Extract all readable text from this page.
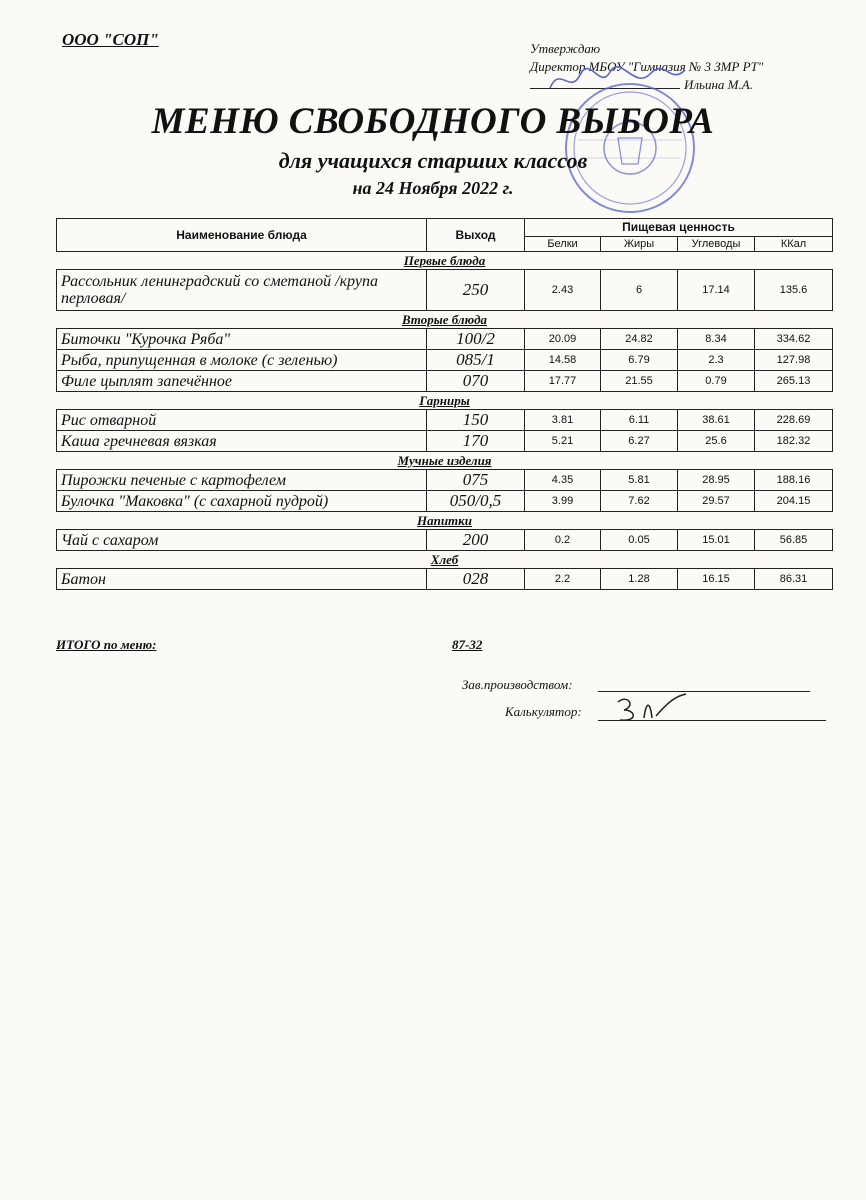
ООО "СОП"	Утверждаю
Директор МБОУ "Гимназия № 3 ЗМР РТ"
Ильина М.А.
МЕНЮ СВОБОДНОГО ВЫБОРА
для учащихся старших классов
на 24 Ноября 2022 г.
Наименование блюда	Выход	Пищевая ценность			
		Белки	Жиры	Углеводы	ККал
Первые блюда					
Рассольник ленинградский со сметаной /крупа перловая/	250	2.43	6	17.14	135.6
Вторые блюда					
Биточки "Курочка Ряба"	100/2	20.09	24.82	8.34	334.62
Рыба, припущенная в молоке (с зеленью)	085/1	14.58	6.79	2.3	127.98
Филе цыплят запечённое	070	17.77	21.55	0.79	265.13
Гарниры					
Рис отварной	150	3.81	6.11	38.61	228.69
Каша гречневая вязкая	170	5.21	6.27	25.6	182.32
Мучные изделия					
Пирожки печеные с картофелем	075	4.35	5.81	28.95	188.16
Булочка "Маковка" (с сахарной пудрой)	050/0,5	3.99	7.62	29.57	204.15
Напитки					
Чай с сахаром	200	0.2	0.05	15.01	56.85
Хлеб					
Батон	028	2.2	1.28	16.15	86.31
ИТОГО по меню:	87-32
Зав.производством:
Калькулятор:
